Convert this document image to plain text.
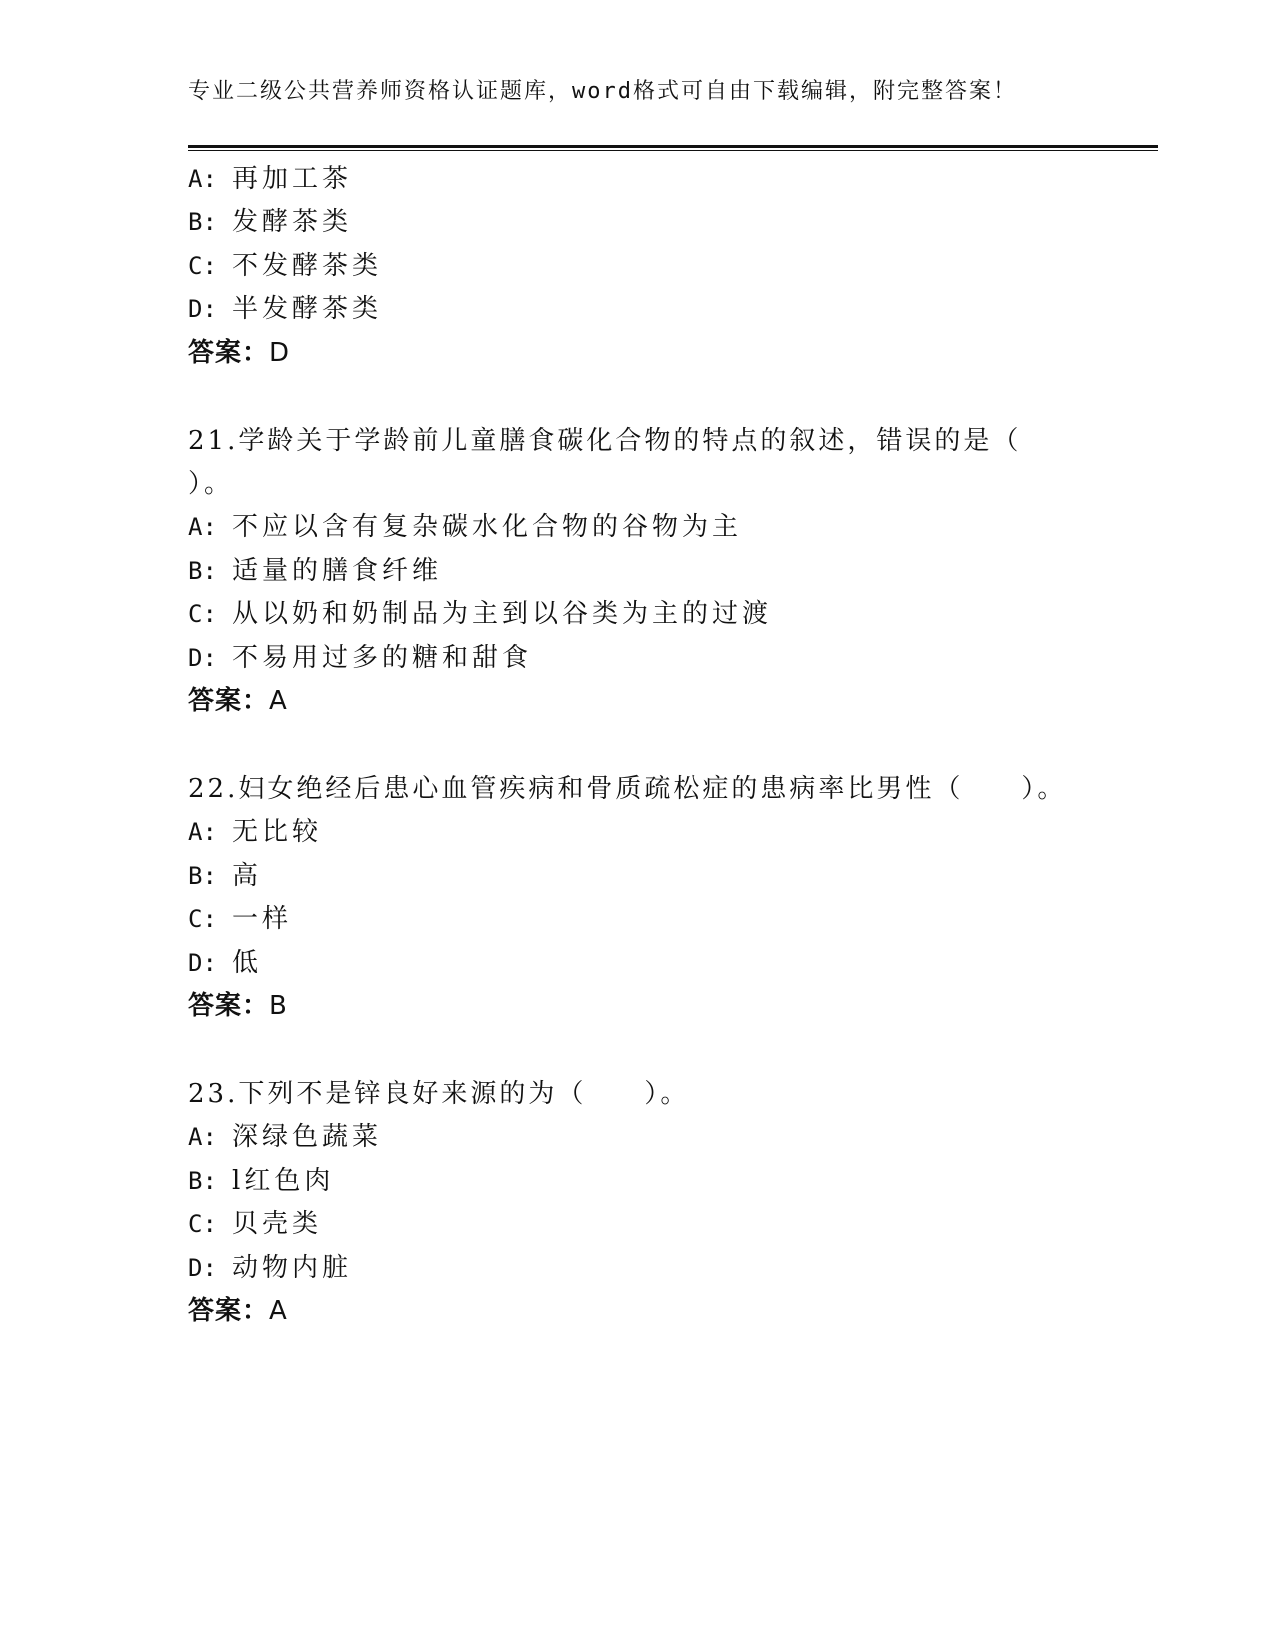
专业二级公共营养师资格认证题库，word格式可自由下载编辑，附完整答案！
A: 再加工茶
B: 发酵茶类
C: 不发酵茶类
D: 半发酵茶类
答案：D
21.学龄关于学龄前儿童膳食碳化合物的特点的叙述，错误的是（
）。
A: 不应以含有复杂碳水化合物的谷物为主
B: 适量的膳食纤维
C: 从以奶和奶制品为主到以谷类为主的过渡
D: 不易用过多的糖和甜食
答案：A
22.妇女绝经后患心血管疾病和骨质疏松症的患病率比男性（　　）。
A: 无比较
B: 高
C: 一样
D: 低
答案：B
23.下列不是锌良好来源的为（　　）。
A: 深绿色蔬菜
B: l红色肉
C: 贝壳类
D: 动物内脏
答案：A
